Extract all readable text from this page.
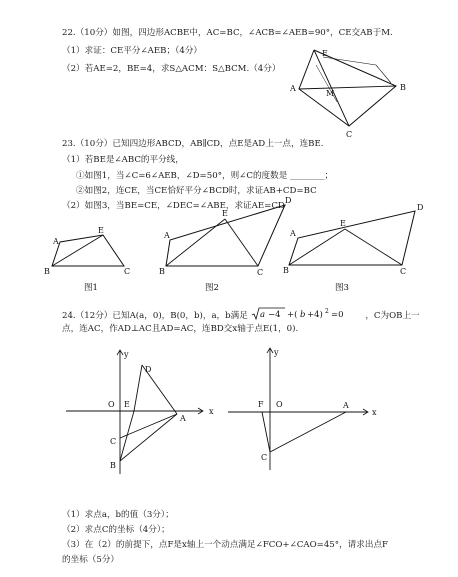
22.（10分）如图，四边形ACBE中，AC=BC，∠ACB=∠AEB=90°，CE交AB于M.
（1）求证：CE平分∠AEB；（4分）
（2）若AE=2，BE=4，求S△ACM：S△BCM.（4分）
E
A
M
B
C
23.（10分）已知四边形ABCD，AB∥CD，点E是AD上一点，连BE.
（1）若BE是∠ABC的平分线，
①如图1，当∠C=6∠AEB，∠D=50°，则∠C的度数是 ________；
②如图2，连CE，当CE恰好平分∠BCD时，求证AB+CD=BC
（2）如图3，当BE=CE，∠DEC=∠ABE，求证AE=CD
A
E
B	C
图1
A
E
D
B	C
图2
A
E
D
B	C
图3
24.（12分）已知A(a，0)，B(0，b)，a，b满足 a −4 +( b +4) 2 =0	，C为OB上一
点，连AC，作AD⊥AC且AD=AC，连BD交x轴于点E(1，0).
y
x
O E
A
D
C
B
y
x
F O	A
C
（1）求点a，b的值（3分）；
（2）求点C的坐标（4分）；
（3）在（2）的前提下，点F是x轴上一个动点满足∠FCO+∠CAO=45°，请求出点F
的坐标（5分）
